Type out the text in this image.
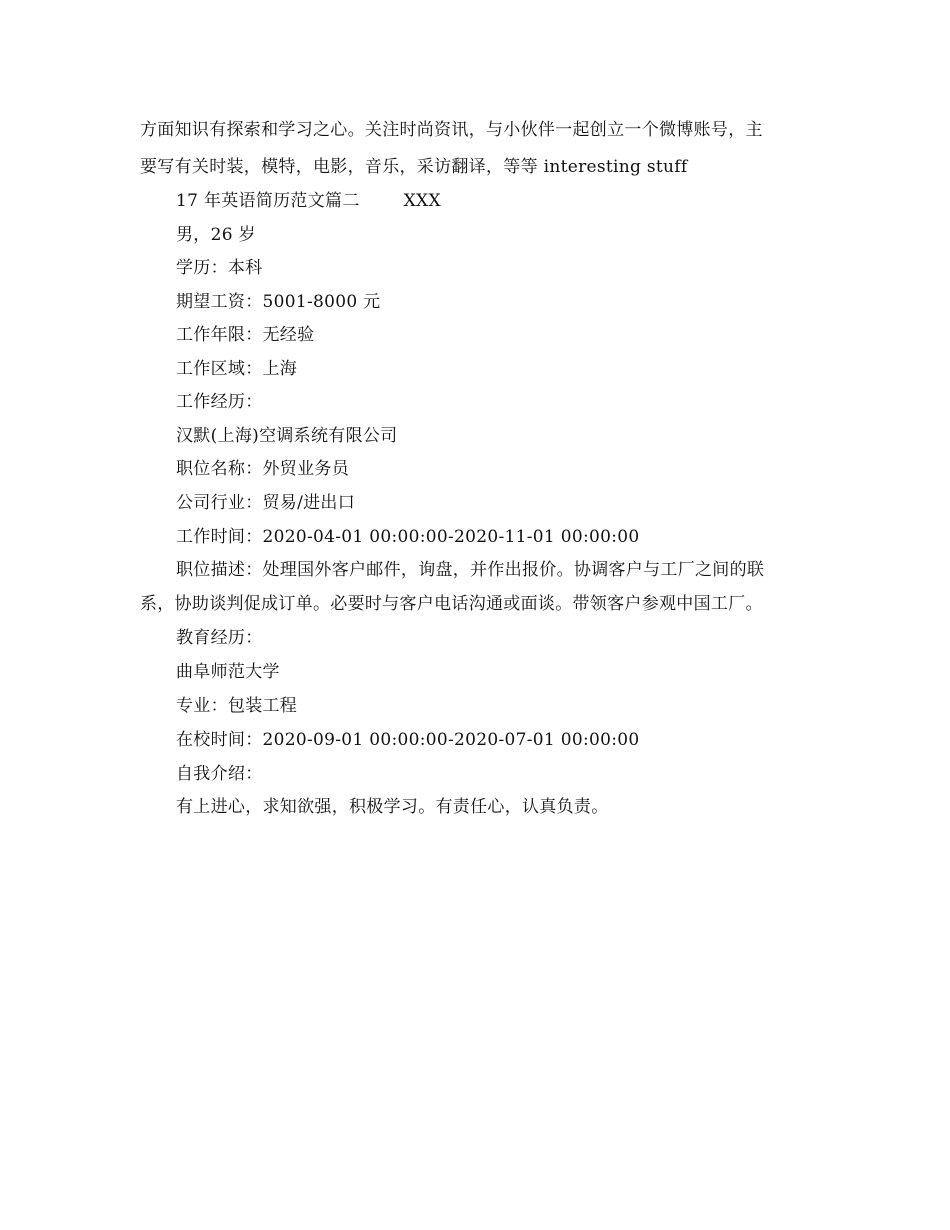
方面知识有探索和学习之心。关注时尚资讯，与小伙伴一起创立一个微博账号，主
要写有关时装，模特，电影，音乐，采访翻译，等等 interesting stuff
17 年英语简历范文篇二	XXX
男，26 岁
学历：本科
期望工资：5001-8000 元
工作年限：无经验
工作区域：上海
工作经历：
汉默(上海)空调系统有限公司
职位名称：外贸业务员
公司行业：贸易/进出口
工作时间：2020-04-01 00:00:00-2020-11-01 00:00:00
职位描述：处理国外客户邮件，询盘，并作出报价。协调客户与工厂之间的联
系，协助谈判促成订单。必要时与客户电话沟通或面谈。带领客户参观中国工厂。
教育经历：
曲阜师范大学
专业：包装工程
在校时间：2020-09-01 00:00:00-2020-07-01 00:00:00
自我介绍：
有上进心，求知欲强，积极学习。有责任心，认真负责。
